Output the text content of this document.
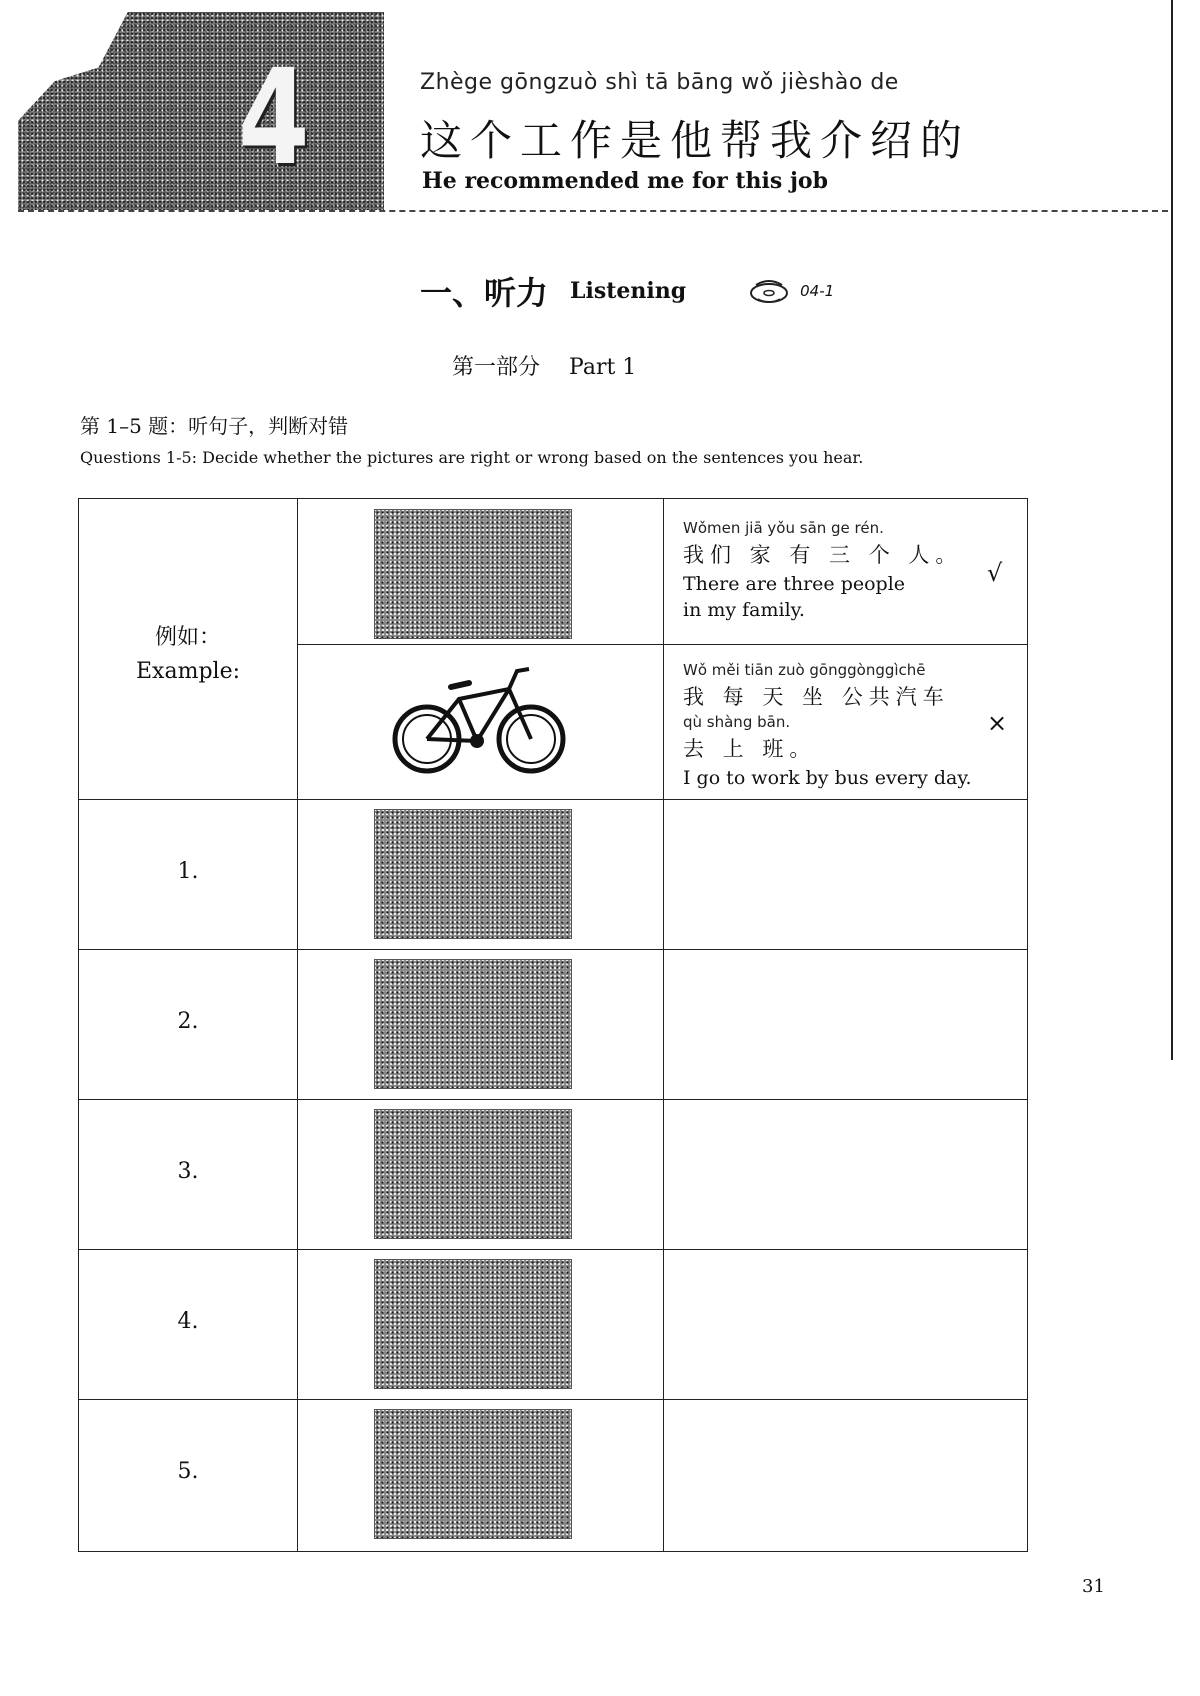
4	Zhège gōngzuò shì tā bāng wǒ jièshào de
这个工作是他帮我介绍的
He recommended me for this job
一、听力 Listening	04-1
第一部分 Part 1
第 1–5 题：听句子，判断对错
Questions 1-5: Decide whether the pictures are right or wrong based on the sentences you hear.
例如：
Example:
Wǒmen jiā yǒu sān ge rén.
我们 家 有 三 个 人。
There are three people in my family.
√
Wǒ měi tiān zuò gōnggònggìchē
我 每 天 坐 公共汽车
qù shàng bān.
去 上 班。
I go to work by bus every day.
×
1.
2.
3.
4.
5.
31
